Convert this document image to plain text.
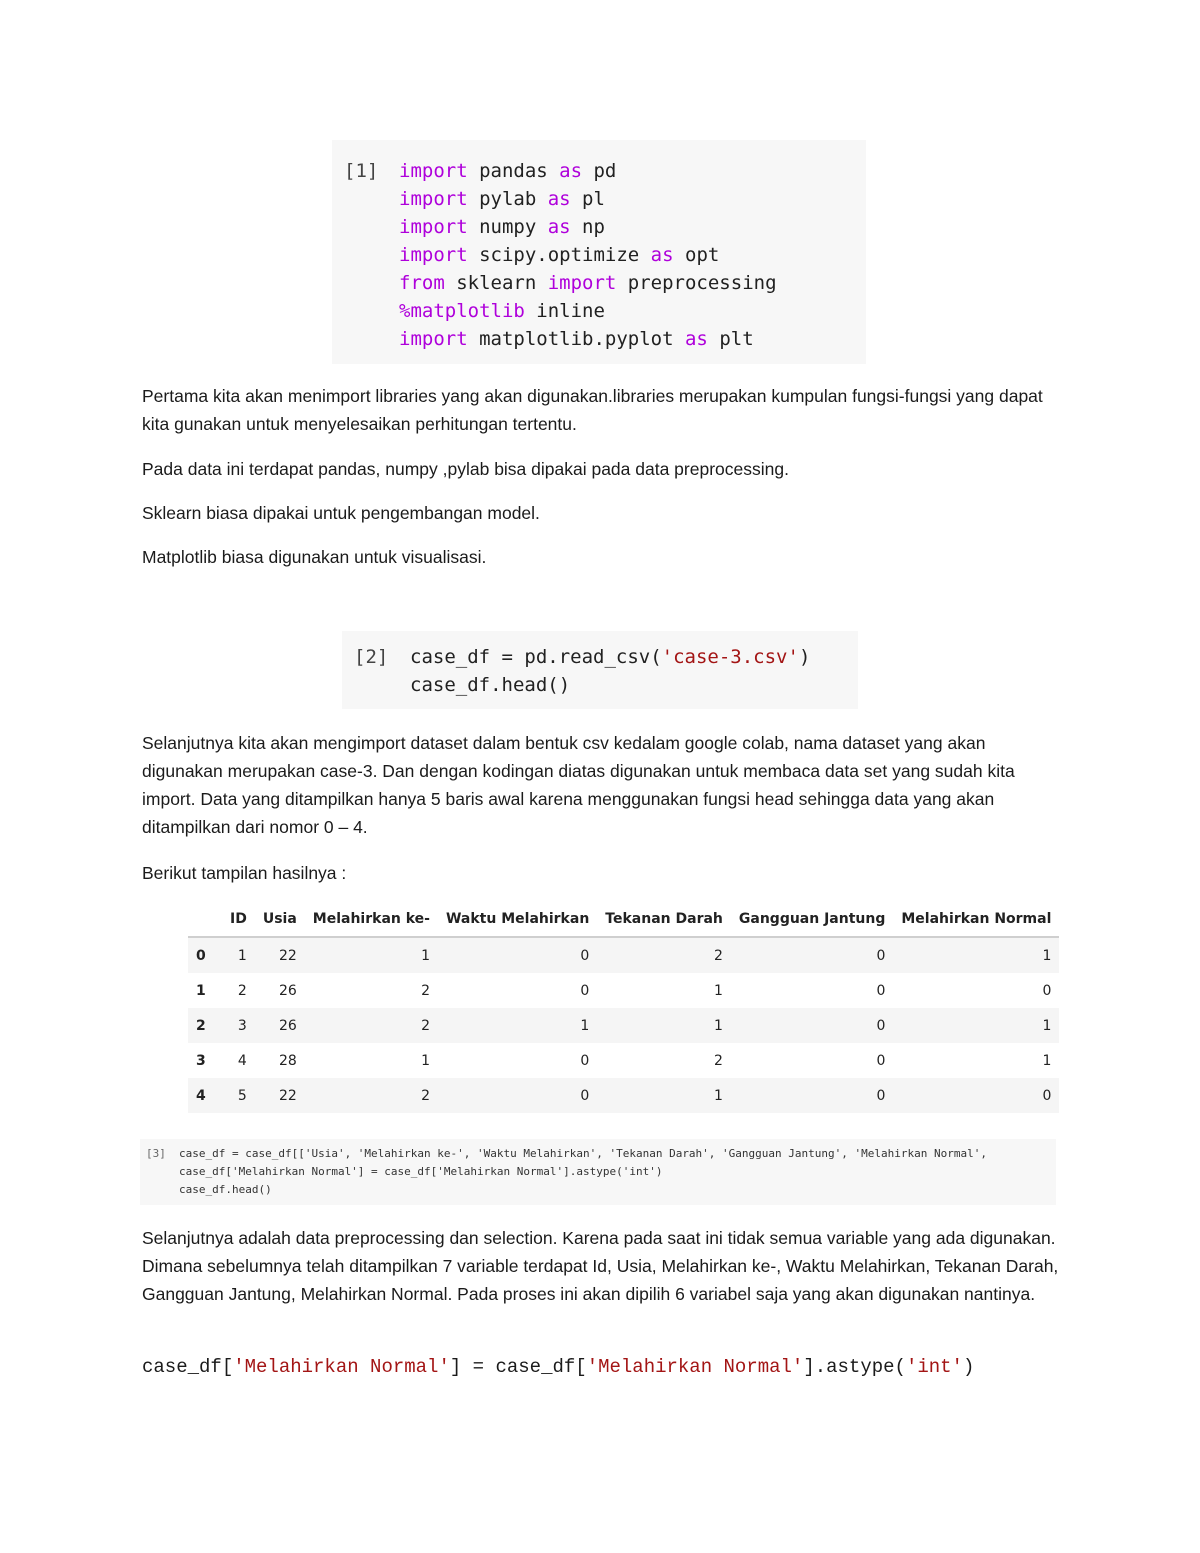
[1] import pandas as pd
import pylab as pl
import numpy as np
import scipy.optimize as opt
from sklearn import preprocessing
%matplotlib inline
import matplotlib.pyplot as plt
Pertama kita akan menimport libraries yang akan digunakan.libraries merupakan kumpulan fungsi-fungsi yang dapat kita gunakan untuk menyelesaikan perhitungan tertentu.
Pada data ini terdapat pandas, numpy ,pylab bisa dipakai pada data preprocessing.
Sklearn biasa dipakai untuk pengembangan model.
Matplotlib biasa digunakan untuk visualisasi.
[2] case_df = pd.read_csv('case-3.csv')
case_df.head()
Selanjutnya kita akan mengimport dataset dalam bentuk csv kedalam google colab, nama dataset yang akan digunakan merupakan case-3. Dan dengan kodingan diatas digunakan untuk membaca data set yang sudah kita import. Data yang ditampilkan hanya 5 baris awal karena menggunakan fungsi head sehingga data yang akan ditampilkan dari nomor 0 – 4.
Berikut tampilan hasilnya :
	ID	Usia	Melahirkan ke-	Waktu Melahirkan	Tekanan Darah	Gangguan Jantung	Melahirkan Normal
0	1	22	1	0	2	0	1
1	2	26	2	0	1	0	0
2	3	26	2	1	1	0	1
3	4	28	1	0	2	0	1
4	5	22	2	0	1	0	0
[3] case_df = case_df[['Usia', 'Melahirkan ke-', 'Waktu Melahirkan', 'Tekanan Darah', 'Gangguan Jantung', 'Melahirkan Normal',
case_df['Melahirkan Normal'] = case_df['Melahirkan Normal'].astype('int')
case_df.head()
Selanjutnya adalah data preprocessing dan selection. Karena pada saat ini tidak semua variable yang ada digunakan. Dimana sebelumnya telah ditampilkan 7 variable terdapat Id, Usia, Melahirkan ke-, Waktu Melahirkan, Tekanan Darah, Gangguan Jantung, Melahirkan Normal. Pada proses ini akan dipilih 6 variabel saja yang akan digunakan nantinya.
case_df['Melahirkan Normal'] = case_df['Melahirkan Normal'].astype('int')
